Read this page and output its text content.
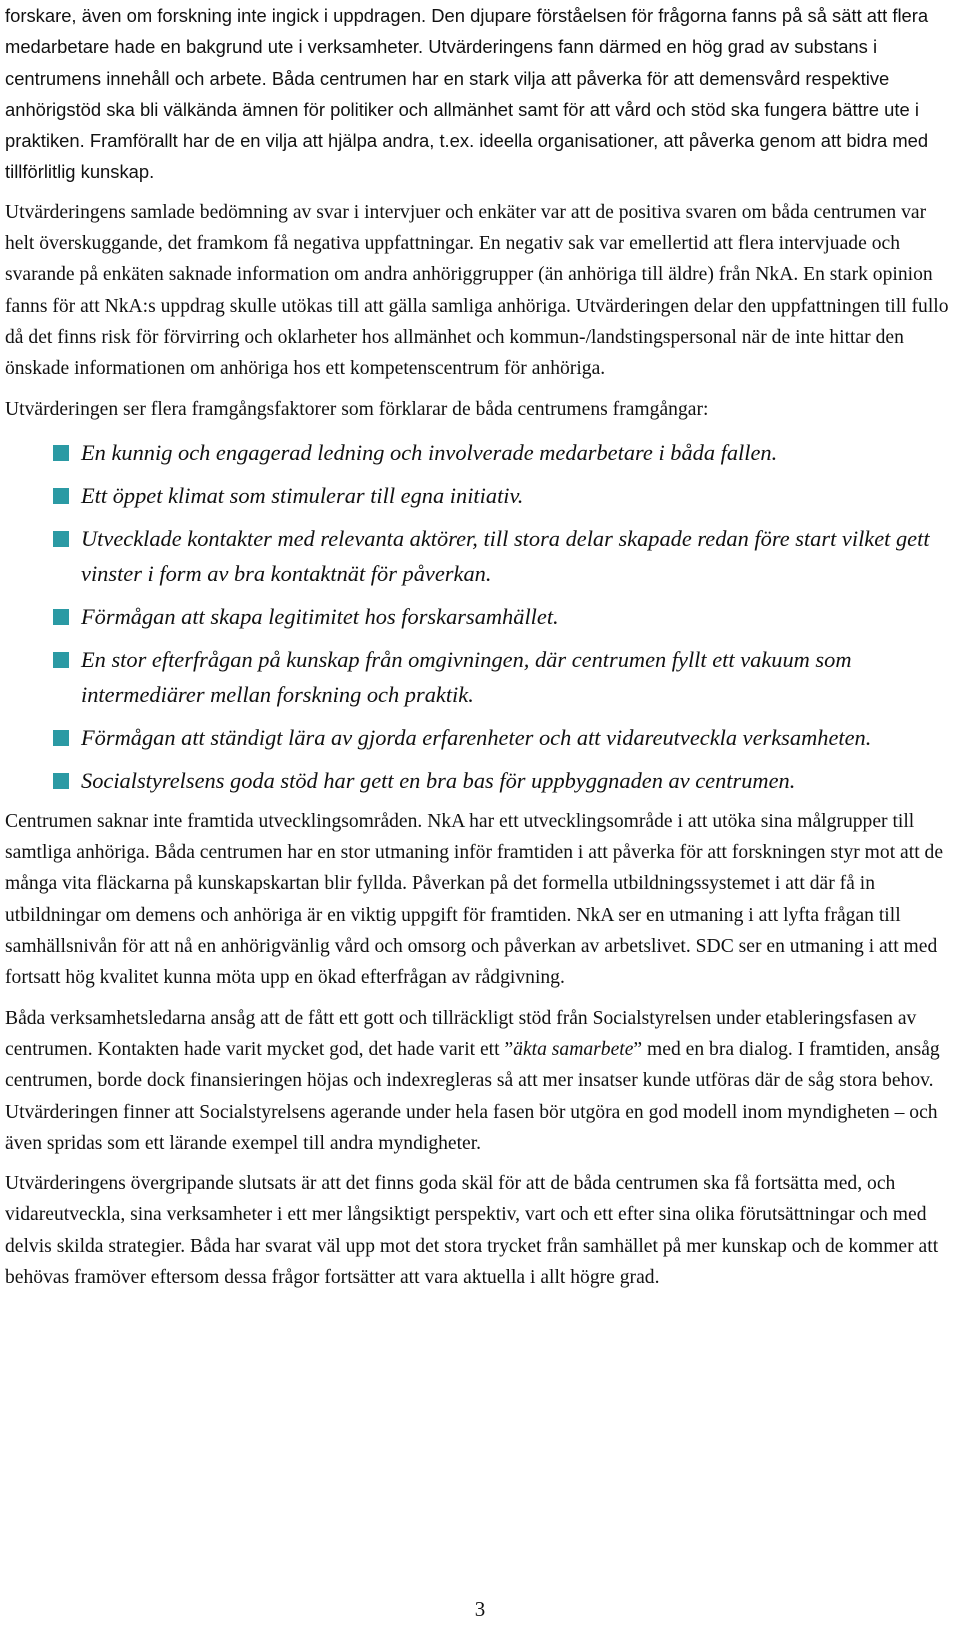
forskare, även om forskning inte ingick i uppdragen. Den djupare förståelsen för frågorna fanns på så sätt att flera medarbetare hade en bakgrund ute i verksamheter. Utvärderingens fann därmed en hög grad av substans i centrumens innehåll och arbete. Båda centrumen har en stark vilja att påverka för att demensvård respektive anhörigstöd ska bli välkända ämnen för politiker och allmänhet samt för att vård och stöd ska fungera bättre ute i praktiken. Framförallt har de en vilja att hjälpa andra, t.ex. ideella organisationer, att påverka genom att bidra med tillförlitlig kunskap.

Utvärderingens samlade bedömning av svar i intervjuer och enkäter var att de positiva svaren om båda centrumen var helt överskuggande, det framkom få negativa uppfattningar. En negativ sak var emellertid att flera intervjuade och svarande på enkäten saknade information om andra anhöriggrupper (än anhöriga till äldre) från NkA. En stark opinion fanns för att NkA:s uppdrag skulle utökas till att gälla samliga anhöriga. Utvärderingen delar den uppfattningen till fullo då det finns risk för förvirring och oklarheter hos allmänhet och kommun-/landstingspersonal när de inte hittar den önskade informationen om anhöriga hos ett kompetenscentrum för anhöriga.

Utvärderingen ser flera framgångsfaktorer som förklarar de båda centrumens framgångar:

En kunnig och engagerad ledning och involverade medarbetare i båda fallen.
Ett öppet klimat som stimulerar till egna initiativ.
Utvecklade kontakter med relevanta aktörer, till stora delar skapade redan före start vilket gett vinster i form av bra kontaktnät för påverkan.
Förmågan att skapa legitimitet hos forskarsamhället.
En stor efterfrågan på kunskap från omgivningen, där centrumen fyllt ett vakuum som intermediärer mellan forskning och praktik.
Förmågan att ständigt lära av gjorda erfarenheter och att vidareutveckla verksamheten.
Socialstyrelsens goda stöd har gett en bra bas för uppbyggnaden av centrumen.

Centrumen saknar inte framtida utvecklingsområden. NkA har ett utvecklingsområde i att utöka sina målgrupper till samtliga anhöriga. Båda centrumen har en stor utmaning inför framtiden i att påverka för att forskningen styr mot att de många vita fläckarna på kunskapskartan blir fyllda. Påverkan på det formella utbildningssystemet i att där få in utbildningar om demens och anhöriga är en viktig uppgift för framtiden. NkA ser en utmaning i att lyfta frågan till samhällsnivån för att nå en anhörigvänlig vård och omsorg och påverkan av arbetslivet. SDC ser en utmaning i att med fortsatt hög kvalitet kunna möta upp en ökad efterfrågan av rådgivning.

Båda verksamhetsledarna ansåg att de fått ett gott och tillräckligt stöd från Socialstyrelsen under etableringsfasen av centrumen. Kontakten hade varit mycket god, det hade varit ett ”äkta samarbete” med en bra dialog. I framtiden, ansåg centrumen, borde dock finansieringen höjas och indexregleras så att mer insatser kunde utföras där de såg stora behov. Utvärderingen finner att Socialstyrelsens agerande under hela fasen bör utgöra en god modell inom myndigheten – och även spridas som ett lärande exempel till andra myndigheter.

Utvärderingens övergripande slutsats är att det finns goda skäl för att de båda centrumen ska få fortsätta med, och vidareutveckla, sina verksamheter i ett mer långsiktigt perspektiv, vart och ett efter sina olika förutsättningar och med delvis skilda strategier. Båda har svarat väl upp mot det stora trycket från samhället på mer kunskap och de kommer att behövas framöver eftersom dessa frågor fortsätter att vara aktuella i allt högre grad.

3
